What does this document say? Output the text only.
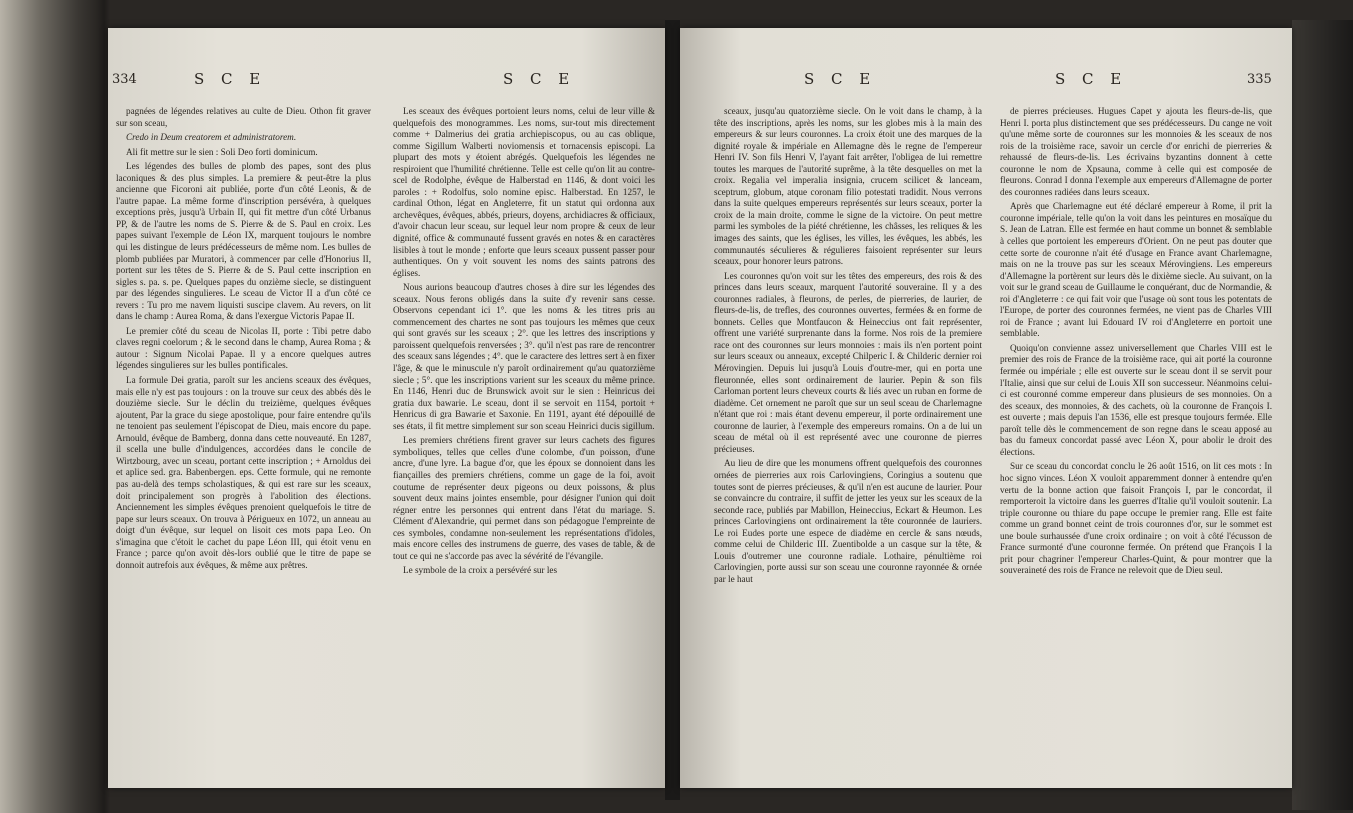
334	S C E	S C E

pagnées de légendes relatives au culte de Dieu. Othon fit graver sur son sceau,

Credo in Deum creatorem et administratorem.

Ali fit mettre sur le sien : Soli Deo forti dominicum.

Les légendes des bulles de plomb des papes, sont des plus laconiques & des plus simples. La premiere & peut-être la plus ancienne que Ficoroni ait publiée, porte d'un côté Leonis, & de l'autre papae. La même forme d'inscription persévéra, à quelques exceptions près, jusqu'à Urbain II, qui fit mettre d'un côté Urbanus PP, & de l'autre les noms de S. Pierre & de S. Paul en croix. Les papes suivant l'exemple de Léon IX, marquent toujours le nombre qui les distingue de leurs prédécesseurs de même nom. Les bulles de plomb publiées par Muratori, à commencer par celle d'Honorius II, portent sur les têtes de S. Pierre & de S. Paul cette inscription en sigles s. pa. s. pe. Quelques papes du onzième siecle, se distinguent par des légendes singulieres. Le sceau de Victor II a d'un côté ce revers : Tu pro me navem liquisti suscipe clavem. Au revers, on lit dans le champ : Aurea Roma, & dans l'exergue Victoris Papae II.

Le premier côté du sceau de Nicolas II, porte : Tibi petre dabo claves regni coelorum ; & le second dans le champ, Aurea Roma ; & autour : Signum Nicolai Papae. Il y a encore quelques autres légendes singulieres sur les bulles pontificales.

La formule Dei gratia, paroît sur les anciens sceaux des évêques, mais elle n'y est pas toujours : on la trouve sur ceux des abbés dès le douzième siecle. Sur le déclin du treizième, quelques évêques ajoutent, Par la grace du siege apostolique, pour faire entendre qu'ils ne tenoient pas seulement l'épiscopat de Dieu, mais encore du pape. Arnould, évêque de Bamberg, donna dans cette nouveauté. En 1287, il scella une bulle d'indulgences, accordées dans le concile de Wirtzbourg, avec un sceau, portant cette inscription ; + Arnoldus dei et aplice sed. gra. Babenbergen. eps. Cette formule, qui ne remonte pas au-delà des temps scholastiques, & qui est rare sur les sceaux, doit principalement son progrès à l'abolition des élections. Anciennement les simples évêques prenoient quelquefois le titre de pape sur leurs sceaux. On trouva à Périgueux en 1072, un anneau au doigt d'un évêque, sur lequel on lisoit ces mots papa Leo. On s'imagina que c'étoit le cachet du pape Léon III, qui étoit venu en France ; parce qu'on avoit dès-lors oublié que le titre de pape se donnoit autrefois aux évêques, & même aux prêtres.

Les sceaux des évêques portoient leurs noms, celui de leur ville & quelquefois des monogrammes. Les noms, sur-tout mis directement comme + Dalmerius dei gratia archiepiscopus, ou au cas oblique, comme Sigillum Walberti noviomensis et tornacensis episcopi. La plupart des mots y étoient abrégés. Quelquefois les légendes ne respiroient que l'humilité chrétienne. Telle est celle qu'on lit au contre-scel de Rodolphe, évêque de Halberstad en 1146, & dont voici les paroles : + Rodolfus, solo nomine episc. Halberstad. En 1257, le cardinal Othon, légat en Angleterre, fit un statut qui ordonna aux archevêques, évêques, abbés, prieurs, doyens, archidiacres & officiaux, d'avoir chacun leur sceau, sur lequel leur nom propre & ceux de leur dignité, office & communauté fussent gravés en notes & en caractères lisibles à tout le monde ; enforte que leurs sceaux pussent passer pour authentiques. On y voit souvent les noms des saints patrons des églises.

Nous aurions beaucoup d'autres choses à dire sur les légendes des sceaux. Nous ferons obligés dans la suite d'y revenir sans cesse. Observons cependant ici 1°. que les noms & les titres pris au commencement des chartes ne sont pas toujours les mêmes que ceux qui sont gravés sur les sceaux ; 2°. que les lettres des inscriptions y paroissent quelquefois renversées ; 3°. qu'il n'est pas rare de rencontrer des sceaux sans légendes ; 4°. que le caractere des lettres sert à en fixer l'âge, & que le minuscule n'y paroît ordinairement qu'au quatorzième siecle ; 5°. que les inscriptions varient sur les sceaux du même prince. En 1146, Henri duc de Brunswick avoit sur le sien : Heinricus dei gratia dux bawarie. Le sceau, dont il se servoit en 1154, portoit + Henricus di gra Bawarie et Saxonie. En 1191, ayant été dépouillé de ses états, il fit mettre simplement sur son sceau Heinrici ducis sigillum.

Les premiers chrétiens firent graver sur leurs cachets des figures symboliques, telles que celles d'une colombe, d'un poisson, d'une ancre, d'une lyre. La bague d'or, que les époux se donnoient dans les fiançailles des premiers chrétiens, comme un gage de la foi, avoit coutume de représenter deux pigeons ou deux poissons, & plus souvent deux mains jointes ensemble, pour désigner l'union qui doit régner entre les personnes qui entrent dans l'état du mariage. S. Clément d'Alexandrie, qui permet dans son pédagogue l'empreinte de ces symboles, condamne non-seulement les représentations d'idoles, mais encore celles des instrumens de guerre, des vases de table, & de tout ce qui ne s'accorde pas avec la sévérité de l'évangile.

Le symbole de la croix a persévéré sur les

S C E	S C E	335

sceaux, jusqu'au quatorzième siecle. On le voit dans le champ, à la tête des inscriptions, après les noms, sur les globes mis à la main des empereurs & sur leurs couronnes. La croix étoit une des marques de la dignité royale & impériale en Allemagne dès le regne de l'empereur Henri IV. Son fils Henri V, l'ayant fait arrêter, l'obligea de lui remettre toutes les marques de l'autorité suprême, à la tête desquelles on met la croix. Regalia vel imperalia insignia, crucem scilicet & lanceam, sceptrum, globum, atque coronam filio potestati tradidit. Nous verrons dans la suite quelques empereurs représentés sur leurs sceaux, porter la croix de la main droite, comme le signe de la victoire. On peut mettre parmi les symboles de la piété chrétienne, les châsses, les reliques & les images des saints, que les églises, les villes, les évêques, les abbés, les communautés séculieres & régulieres faisoient représenter sur leurs sceaux, pour honorer leurs patrons.

Les couronnes qu'on voit sur les têtes des empereurs, des rois & des princes dans leurs sceaux, marquent l'autorité souveraine. Il y a des couronnes radiales, à fleurons, de perles, de pierreries, de laurier, de fleurs-de-lis, de trefles, des couronnes ouvertes, fermées & en forme de bonnets. Celles que Montfaucon & Heineccius ont fait représenter, offrent une variété surprenante dans la forme. Nos rois de la premiere race ont des couronnes sur leurs monnoies : mais ils n'en portent point sur leurs sceaux ou anneaux, excepté Chilperic I. & Childeric dernier roi Mérovingien. Depuis lui jusqu'à Louis d'outre-mer, qui en porta une fleuronnée, elles sont ordinairement de laurier. Pepin & son fils Carloman portent leurs cheveux courts & liés avec un ruban en forme de diadème. Cet ornement ne paroît que sur un seul sceau de Charlemagne n'étant que roi : mais étant devenu empereur, il porte ordinairement une couronne de laurier, à l'exemple des empereurs romains. On a de lui un sceau de métal où il est représenté avec une couronne de pierres précieuses.

Au lieu de dire que les monumens offrent quelquefois des couronnes ornées de pierreries aux rois Carlovingiens, Coringius a soutenu que toutes sont de pierres précieuses, & qu'il n'en est aucune de laurier. Pour se convaincre du contraire, il suffit de jetter les yeux sur les sceaux de la seconde race, publiés par Mabillon, Heineccius, Eckart & Heumon. Les princes Carlovingiens ont ordinairement la tête couronnée de lauriers. Le roi Eudes porte une espece de diadème en cercle & sans nœuds, comme celui de Childeric III. Zuentibolde a un casque sur la tête, & Louis d'outremer une couronne radiale. Lothaire, pénultième roi Carlovingien, porte aussi sur son sceau une couronne rayonnée & ornée par le haut

de pierres précieuses. Hugues Capet y ajouta les fleurs-de-lis, que Henri I. porta plus distinctement que ses prédécesseurs. Du cange ne voit qu'une même sorte de couronnes sur les monnoies & les sceaux de nos rois de la troisième race, savoir un cercle d'or enrichi de pierreries & rehaussé de fleurs-de-lis. Les écrivains byzantins donnent à cette couronne le nom de Xpsauna, comme à celle qui est composée de fleurons. Conrad I donna l'exemple aux empereurs d'Allemagne de porter des couronnes radiées dans leurs sceaux.

Après que Charlemagne eut été déclaré empereur à Rome, il prit la couronne impériale, telle qu'on la voit dans les peintures en mosaïque du S. Jean de Latran. Elle est fermée en haut comme un bonnet & semblable à celles que portoient les empereurs d'Orient. On ne peut pas douter que cette sorte de couronne n'ait été d'usage en France avant Charlemagne, mais on ne la trouve pas sur les sceaux Mérovingiens. Les empereurs d'Allemagne la portèrent sur leurs dès le dixième siecle. Au suivant, on la voit sur le grand sceau de Guillaume le conquérant, duc de Normandie, & roi d'Angleterre : ce qui fait voir que l'usage où sont tous les potentats de l'Europe, de porter des couronnes fermées, ne vient pas de Charles VIII roi de France ; avant lui Edouard IV roi d'Angleterre en portoit une semblable.

Quoiqu'on convienne assez universellement que Charles VIII est le premier des rois de France de la troisième race, qui ait porté la couronne fermée ou impériale ; elle est ouverte sur le sceau dont il se servit pour l'Italie, ainsi que sur celui de Louis XII son successeur. Néanmoins celui-ci est couronné comme empereur dans plusieurs de ses monnoies. On a des sceaux, des monnoies, & des cachets, où la couronne de François I. est ouverte ; mais depuis l'an 1536, elle est presque toujours fermée. Elle paroît telle dès le commencement de son regne dans le sceau apposé au bas du fameux concordat passé avec Léon X, pour abolir le droit des élections.

Sur ce sceau du concordat conclu le 26 août 1516, on lit ces mots : In hoc signo vinces. Léon X vouloit apparemment donner à entendre qu'en vertu de la bonne action que faisoit François I, par le concordat, il remporteroit la victoire dans les guerres d'Italie qu'il vouloit soutenir. La triple couronne ou thiare du pape occupe le premier rang. Elle est faite comme un grand bonnet ceint de trois couronnes d'or, sur le sommet est une boule surhaussée d'une croix ordinaire ; on voit à côté l'écusson de France surmonté d'une couronne fermée. On prétend que François I la prit pour chagriner l'empereur Charles-Quint, & pour montrer que la souveraineté des rois de France ne relevoit que de Dieu seul.
